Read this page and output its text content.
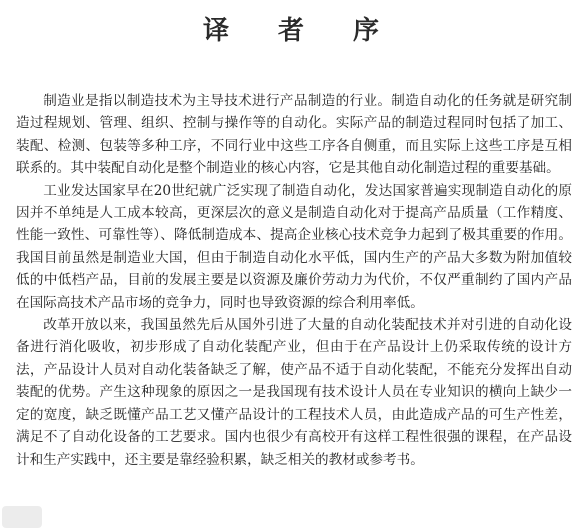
译 者 序

制造业是指以制造技术为主导技术进行产品制造的行业。制造自动化的任务就是研究制造过程规划、管理、组织、控制与操作等的自动化。实际产品的制造过程同时包括了加工、装配、检测、包装等多种工序，不同行业中这些工序各自侧重，而且实际上这些工序是互相联系的。其中装配自动化是整个制造业的核心内容，它是其他自动化制造过程的重要基础。

工业发达国家早在20世纪就广泛实现了制造自动化，发达国家普遍实现制造自动化的原因并不单纯是人工成本较高，更深层次的意义是制造自动化对于提高产品质量（工作精度、性能一致性、可靠性等）、降低制造成本、提高企业核心技术竞争力起到了极其重要的作用。我国目前虽然是制造业大国，但由于制造自动化水平低，国内生产的产品大多数为附加值较低的中低档产品，目前的发展主要是以资源及廉价劳动力为代价，不仅严重制约了国内产品在国际高技术产品市场的竞争力，同时也导致资源的综合利用率低。

改革开放以来，我国虽然先后从国外引进了大量的自动化装配技术并对引进的自动化设备进行消化吸收，初步形成了自动化装配产业，但由于在产品设计上仍采取传统的设计方法，产品设计人员对自动化装备缺乏了解，使产品不适于自动化装配，不能充分发挥出自动装配的优势。产生这种现象的原因之一是我国现有技术设计人员在专业知识的横向上缺少一定的宽度，缺乏既懂产品工艺又懂产品设计的工程技术人员，由此造成产品的可生产性差，满足不了自动化设备的工艺要求。国内也很少有高校开有这样工程性很强的课程，在产品设计和生产实践中，还主要是靠经验积累，缺乏相关的教材或参考书。
